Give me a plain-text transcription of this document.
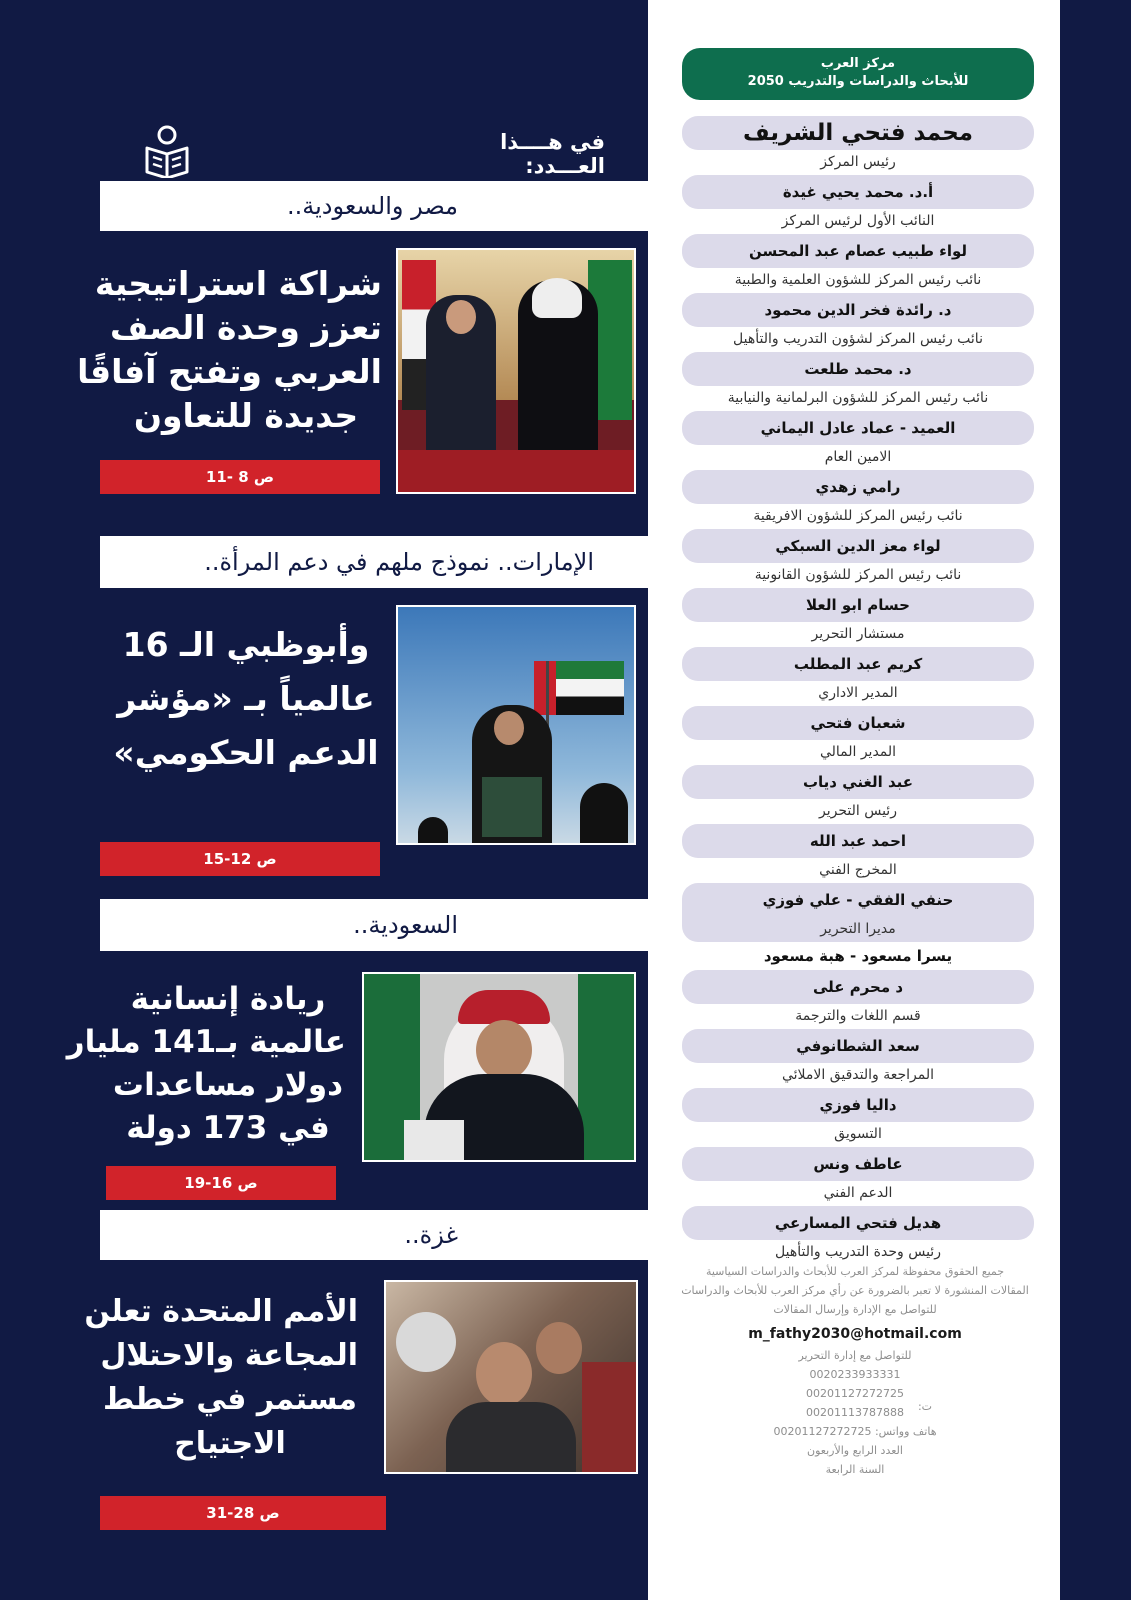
في هــــذا العـــدد:
مصر والسعودية..
شراكة استراتيجية
تعزز وحدة الصف
العربي وتفتح آفاقًا
جديدة للتعاون
ص 8 -11
الإمارات.. نموذج ملهم في دعم المرأة..
وأبوظبي الـ 16
عالمياً بـ «مؤشر
الدعم الحكومي»
ص 12-15
السعودية..
ريادة إنسانية
عالمية بـ141 مليار
دولار مساعدات
في 173 دولة
ص 16-19
غزة..
الأمم المتحدة تعلن
المجاعة والاحتلال
مستمر في خطط
الاجتياح
ص 28-31
مركز العرب
للأبحاث والدراسات والتدريب 2050
محمد فتحي الشريف
رئيس المركز
أ.د. محمد يحيي غيدة
النائب الأول لرئيس المركز
لواء طبيب عصام عبد المحسن
نائب رئيس المركز للشؤون العلمية والطبية
د. رائدة فخر الدين محمود
نائب رئيس المركز لشؤون التدريب والتأهيل
د. محمد طلعت
نائب رئيس المركز للشؤون البرلمانية والنيابية
العميد - عماد عادل اليماني
الامين العام
رامي زهدي
نائب رئيس المركز للشؤون الافريقية
لواء معز الدين السبكي
نائب رئيس المركز للشؤون القانونية
حسام ابو العلا
مستشار التحرير
كريم عبد المطلب
المدير الاداري
شعبان فتحي
المدير المالي
عبد الغني دياب
رئيس التحرير
احمد عبد الله
المخرج الفني
حنفي الفقي - علي فوزي
مديرا التحرير
يسرا مسعود - هبة مسعود
د محرم على
قسم اللغات والترجمة
سعد الشطانوفي
المراجعة والتدقيق الاملائي
داليا فوزي
التسويق
عاطف ونس
الدعم الفني
هديل فتحي المسارعي
رئيس وحدة التدريب والتأهيل
جميع الحقوق محفوظة لمركز العرب للأبحاث والدراسات السياسية
المقالات المنشورة لا تعبر بالضرورة عن رأي مركز العرب للأبحاث والدراسات
للتواصل مع الإدارة وإرسال المقالات
m_fathy2030@hotmail.com
للتواصل مع إدارة التحرير
0020233933331
00201127272725
00201113787888 ت:
هاتف وواتس: 00201127272725
العدد الرابع والأربعون
السنة الرابعة
